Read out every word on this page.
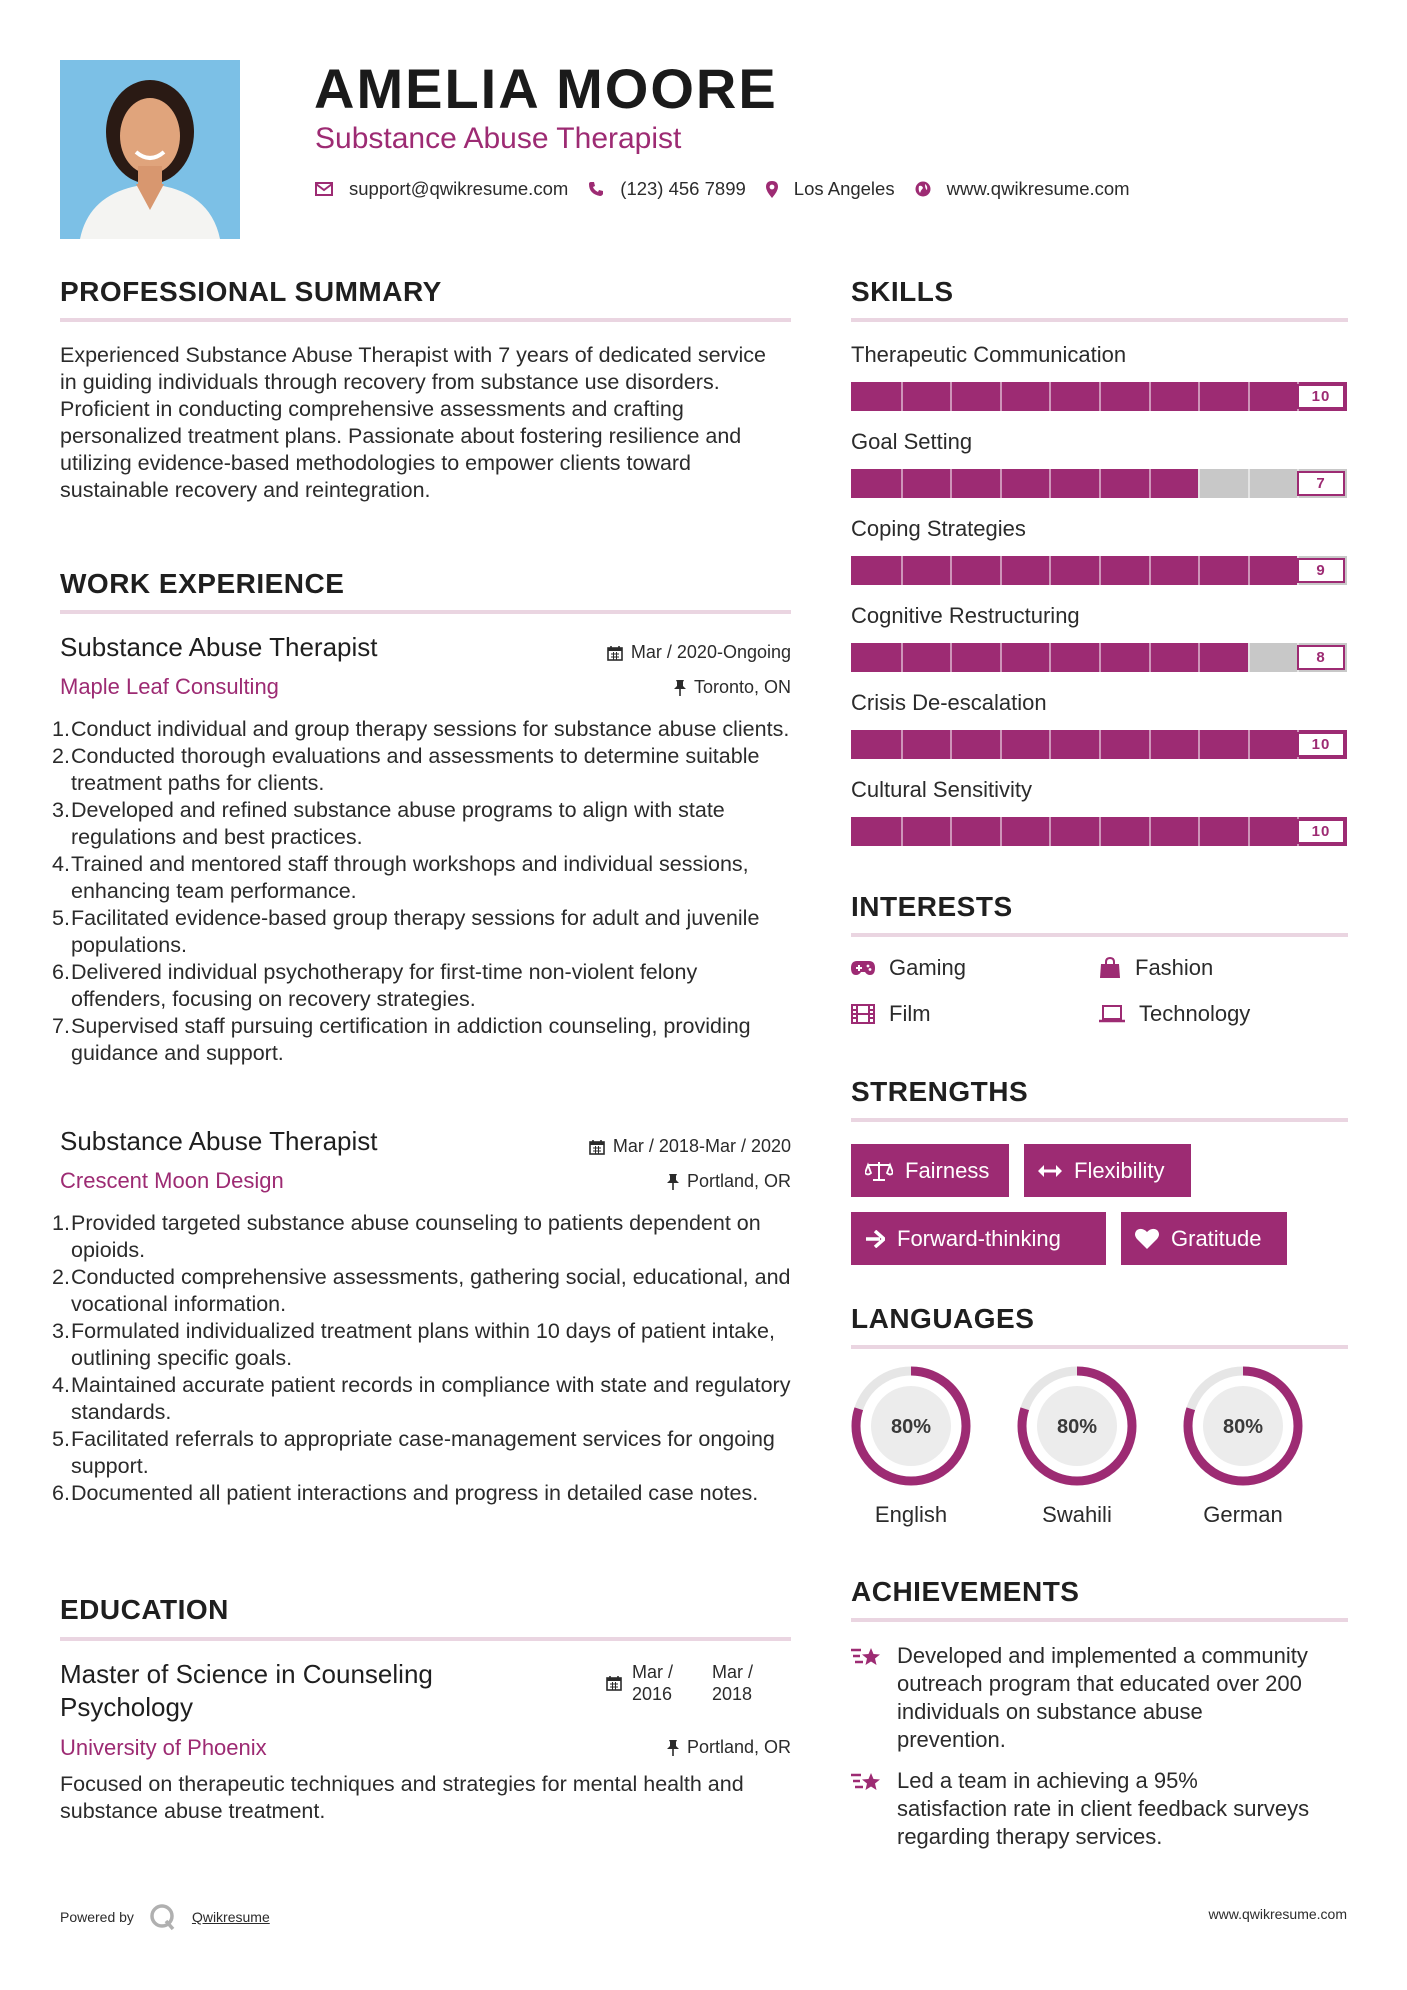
AMELIA MOORE
Substance Abuse Therapist
support@qwikresume.com	(123) 456 7899	Los Angeles	www.qwikresume.com
PROFESSIONAL SUMMARY
Experienced Substance Abuse Therapist with 7 years of dedicated service in guiding individuals through recovery from substance use disorders. Proficient in conducting comprehensive assessments and crafting personalized treatment plans. Passionate about fostering resilience and utilizing evidence-based methodologies to empower clients toward sustainable recovery and reintegration.
WORK EXPERIENCE
Substance Abuse Therapist	Mar / 2020-Ongoing
Maple Leaf Consulting	Toronto, ON
1. Conduct individual and group therapy sessions for substance abuse clients.
2. Conducted thorough evaluations and assessments to determine suitable treatment paths for clients.
3. Developed and refined substance abuse programs to align with state regulations and best practices.
4. Trained and mentored staff through workshops and individual sessions, enhancing team performance.
5. Facilitated evidence-based group therapy sessions for adult and juvenile populations.
6. Delivered individual psychotherapy for first-time non-violent felony offenders, focusing on recovery strategies.
7. Supervised staff pursuing certification in addiction counseling, providing guidance and support.
Substance Abuse Therapist	Mar / 2018-Mar / 2020
Crescent Moon Design	Portland, OR
1. Provided targeted substance abuse counseling to patients dependent on opioids.
2. Conducted comprehensive assessments, gathering social, educational, and vocational information.
3. Formulated individualized treatment plans within 10 days of patient intake, outlining specific goals.
4. Maintained accurate patient records in compliance with state and regulatory standards.
5. Facilitated referrals to appropriate case-management services for ongoing support.
6. Documented all patient interactions and progress in detailed case notes.
EDUCATION
Master of Science in Counseling Psychology
Mar / 2016
Mar / 2018
University of Phoenix	Portland, OR
Focused on therapeutic techniques and strategies for mental health and substance abuse treatment.
SKILLS
Therapeutic Communication
10
Goal Setting
7
Coping Strategies
9
Cognitive Restructuring
8
Crisis De-escalation
10
Cultural Sensitivity
10
INTERESTS
Gaming	Fashion
Film	Technology
STRENGTHS
Fairness	Flexibility
Forward-thinking	Gratitude
LANGUAGES
80%
English
80%
Swahili
80%
German
ACHIEVEMENTS
Developed and implemented a community outreach program that educated over 200 individuals on substance abuse prevention.
Led a team in achieving a 95% satisfaction rate in client feedback surveys regarding therapy services.
Powered by	Qwikresume	www.qwikresume.com
